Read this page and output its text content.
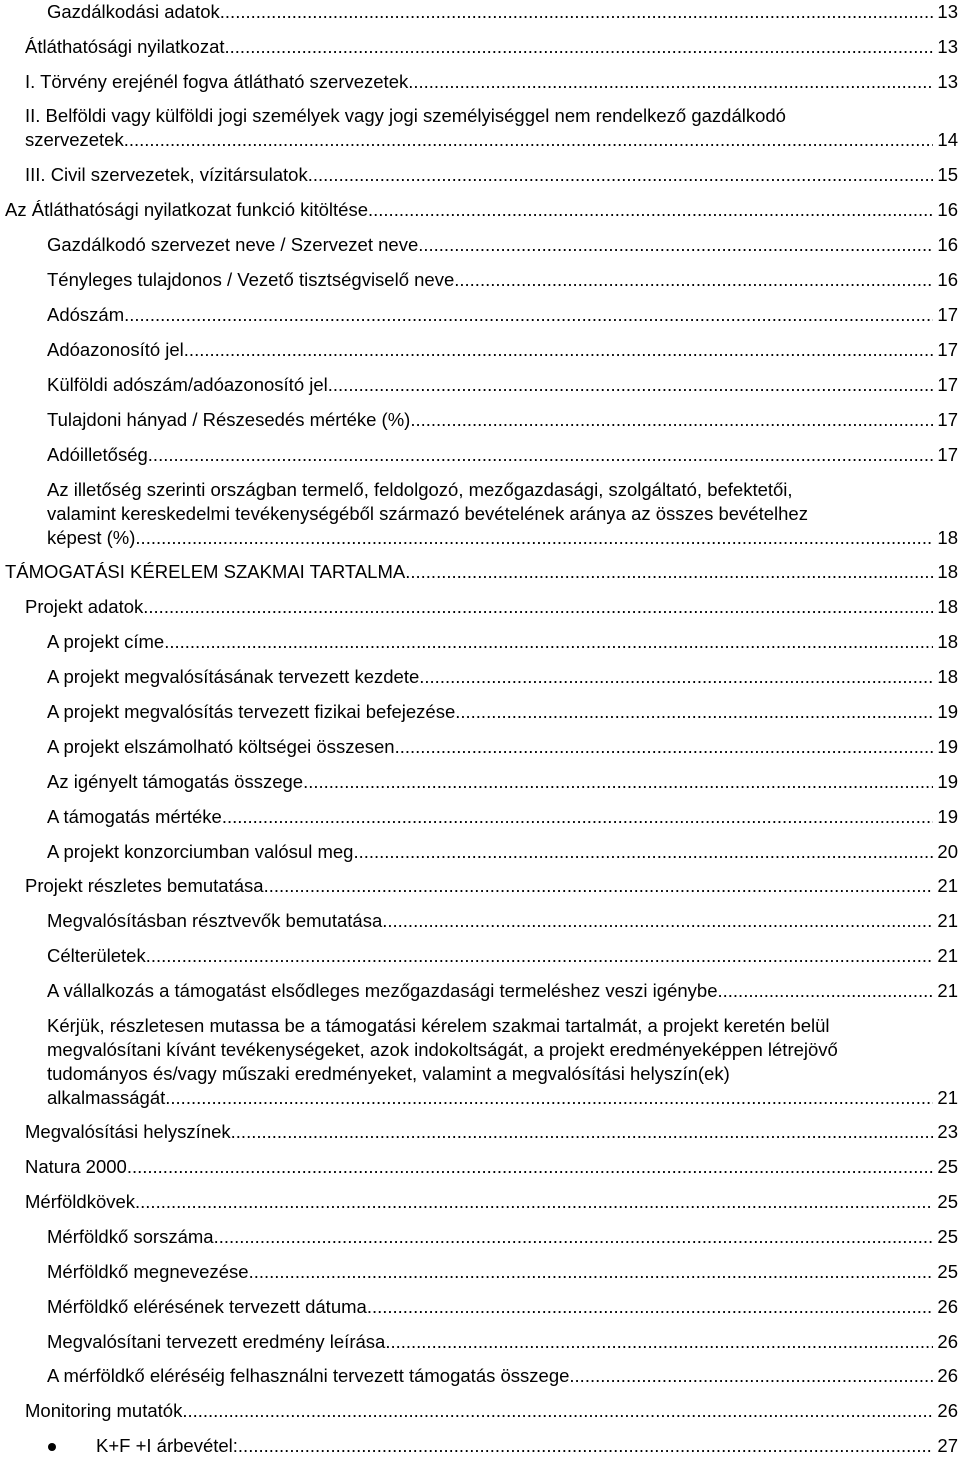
Gazdálkodási adatok .....	13
Átláthatósági nyilatkozat .....	13
I. Törvény erejénél fogva átlátható szervezetek .....	13
II. Belföldi vagy külföldi jogi személyek vagy jogi személyiséggel nem rendelkező gazdálkodó
szervezetek .....	14
III. Civil szervezetek, vízitársulatok .....	15
Az Átláthatósági nyilatkozat funkció kitöltése .....	16
Gazdálkodó szervezet neve / Szervezet neve .....	16
Tényleges tulajdonos / Vezető tisztségviselő neve .....	16
Adószám .....	17
Adóazonosító jel .....	17
Külföldi adószám/adóazonosító jel .....	17
Tulajdoni hányad / Részesedés mértéke (%) .....	17
Adóilletőség .....	17
Az illetőség szerinti országban termelő, feldolgozó, mezőgazdasági, szolgáltató, befektetői,
valamint kereskedelmi tevékenységéből származó bevételének aránya az összes bevételhez
képest (%) .....	18
TÁMOGATÁSI KÉRELEM SZAKMAI TARTALMA .....	18
Projekt adatok .....	18
A projekt címe .....	18
A projekt megvalósításának tervezett kezdete .....	18
A projekt megvalósítás tervezett fizikai befejezése .....	19
A projekt elszámolható költségei összesen .....	19
Az igényelt támogatás összege .....	19
A támogatás mértéke .....	19
A projekt konzorciumban valósul meg .....	20
Projekt részletes bemutatása .....	21
Megvalósításban résztvevők bemutatása .....	21
Célterületek .....	21
A vállalkozás a támogatást elsődleges mezőgazdasági termeléshez veszi igénybe. .....	21
Kérjük, részletesen mutassa be a támogatási kérelem szakmai tartalmát, a projekt keretén belül
megvalósítani kívánt tevékenységeket, azok indokoltságát, a projekt eredményeképpen létrejövő
tudományos és/vagy műszaki eredményeket, valamint a megvalósítási helyszín(ek)
alkalmasságát. .....	21
Megvalósítási helyszínek .....	23
Natura 2000 .....	25
Mérföldkövek .....	25
Mérföldkő sorszáma .....	25
Mérföldkő megnevezése .....	25
Mérföldkő elérésének tervezett dátuma .....	26
Megvalósítani tervezett eredmény leírása .....	26
A mérföldkő eléréséig felhasználni tervezett támogatás összege .....	26
Monitoring mutatók .....	26
K+F +I árbevétel: .....	27
